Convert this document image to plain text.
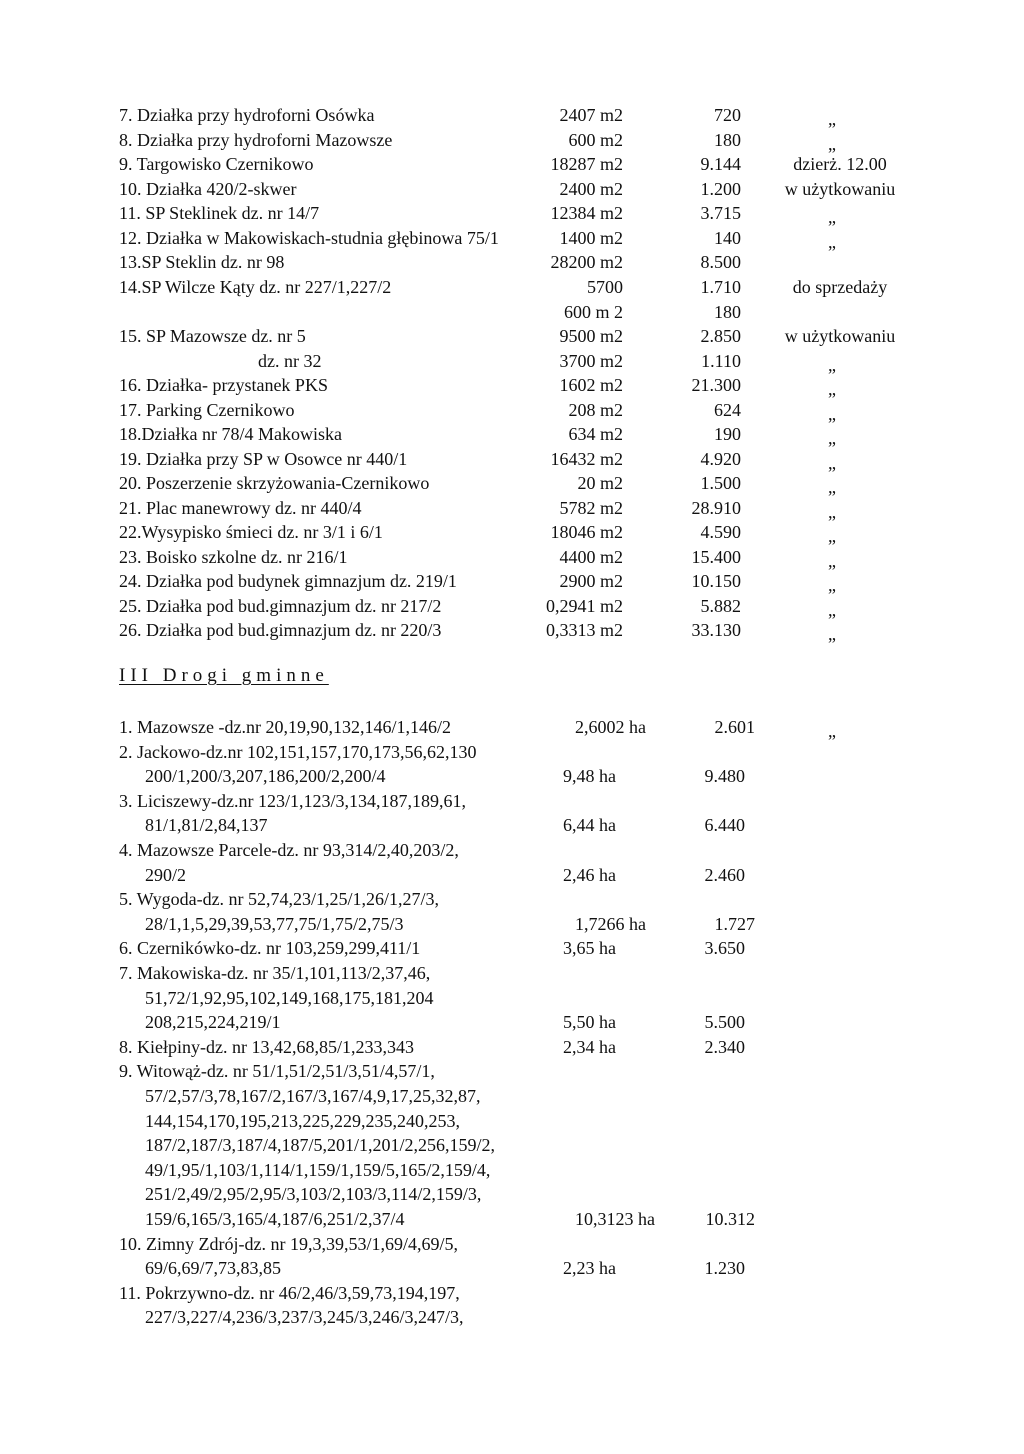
7. Działka przy hydroforni Osówka	2407 m2	720	„
8. Działka przy hydroforni Mazowsze	600 m2	180	„
9. Targowisko Czernikowo	18287 m2	9.144	dzierż. 12.00
10. Działka 420/2-skwer	2400 m2	1.200 w użytkowaniu
11. SP Steklinek dz. nr 14/7	12384 m2	3.715	„
12. Działka w Makowiskach-studnia głębinowa 75/1	1400 m2	140	„
13.SP Steklin dz. nr 98	28200 m2	8.500
14.SP Wilcze Kąty dz. nr 227/1,227/2	5700	1.710	do sprzedaży
600 m 2	180
15. SP Mazowsze dz. nr 5	9500 m2	2.850 w użytkowaniu
dz. nr 32	3700 m2	1.110	„
16. Działka- przystanek PKS	1602 m2	21.300	„
17. Parking Czernikowo	208 m2	624	„
18.Działka nr 78/4 Makowiska	634 m2	190	„
19. Działka przy SP w Osowce nr 440/1	16432 m2	4.920	„
20. Poszerzenie skrzyżowania-Czernikowo	20 m2	1.500	„
21. Plac manewrowy dz. nr 440/4	5782 m2	28.910	„
22.Wysypisko śmieci dz. nr 3/1 i 6/1	18046 m2	4.590	„
23. Boisko szkolne dz. nr 216/1	4400 m2	15.400	„
24. Działka pod budynek gimnazjum dz. 219/1	2900 m2	10.150	„
25. Działka pod bud.gimnazjum dz. nr 217/2	0,2941 m2	5.882	„
26. Działka pod bud.gimnazjum dz. nr 220/3	0,3313 m2	33.130	„
III Drogi gminne
1. Mazowsze -dz.nr 20,19,90,132,146/1,146/2	2,6002 ha	2.601	„
2. Jackowo-dz.nr 102,151,157,170,173,56,62,130
200/1,200/3,207,186,200/2,200/4	9,48 ha	9.480
3. Liciszewy-dz.nr 123/1,123/3,134,187,189,61,
81/1,81/2,84,137	6,44 ha	6.440
4. Mazowsze Parcele-dz. nr 93,314/2,40,203/2,
290/2	2,46 ha	2.460
5. Wygoda-dz. nr 52,74,23/1,25/1,26/1,27/3,
28/1,1,5,29,39,53,77,75/1,75/2,75/3	1,7266 ha	1.727
6. Czernikówko-dz. nr 103,259,299,411/1	3,65 ha	3.650
7. Makowiska-dz. nr 35/1,101,113/2,37,46,
51,72/1,92,95,102,149,168,175,181,204
208,215,224,219/1	5,50 ha	5.500
8. Kiełpiny-dz. nr 13,42,68,85/1,233,343	2,34 ha	2.340
9. Witowąż-dz. nr 51/1,51/2,51/3,51/4,57/1,
57/2,57/3,78,167/2,167/3,167/4,9,17,25,32,87,
144,154,170,195,213,225,229,235,240,253,
187/2,187/3,187/4,187/5,201/1,201/2,256,159/2,
49/1,95/1,103/1,114/1,159/1,159/5,165/2,159/4,
251/2,49/2,95/2,95/3,103/2,103/3,114/2,159/3,
159/6,165/3,165/4,187/6,251/2,37/4	10,3123 ha	10.312
10. Zimny Zdrój-dz. nr 19,3,39,53/1,69/4,69/5,
69/6,69/7,73,83,85	2,23 ha	1.230
11. Pokrzywno-dz. nr 46/2,46/3,59,73,194,197,
227/3,227/4,236/3,237/3,245/3,246/3,247/3,
